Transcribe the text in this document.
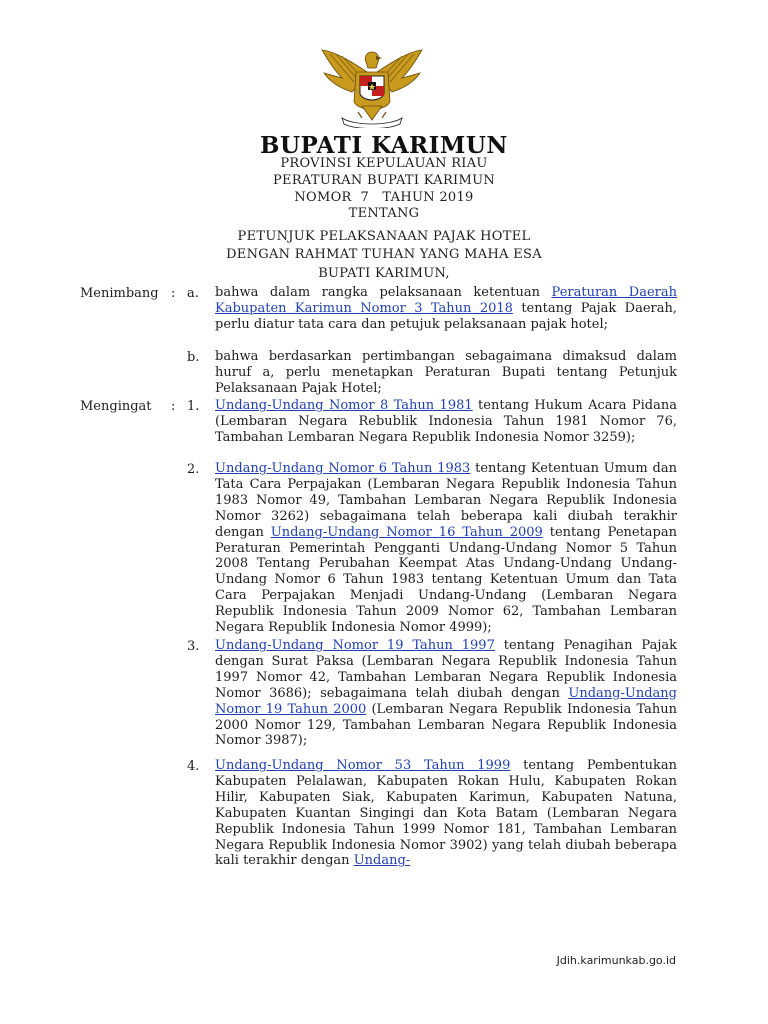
BUPATI KARIMUN
PROVINSI KEPULAUAN RIAU
PERATURAN BUPATI KARIMUN
NOMOR  7   TAHUN 2019
TENTANG
PETUNJUK PELAKSANAAN PAJAK HOTEL
DENGAN RAHMAT TUHAN YANG MAHA ESA
BUPATI KARIMUN,
Menimbang : a. bahwa dalam rangka pelaksanaan ketentuan Peraturan Daerah Kabupaten Karimun Nomor 3 Tahun 2018 tentang Pajak Daerah, perlu diatur tata cara dan petujuk pelaksanaan pajak hotel;
b. bahwa berdasarkan pertimbangan sebagaimana dimaksud dalam huruf a, perlu menetapkan Peraturan Bupati tentang Petunjuk Pelaksanaan Pajak Hotel;
Mengingat : 1. Undang-Undang Nomor 8 Tahun 1981 tentang Hukum Acara Pidana (Lembaran Negara Rebublik Indonesia Tahun 1981 Nomor 76, Tambahan Lembaran Negara Republik Indonesia Nomor 3259);
2. Undang-Undang Nomor 6 Tahun 1983 tentang Ketentuan Umum dan Tata Cara Perpajakan (Lembaran Negara Republik Indonesia Tahun 1983 Nomor 49, Tambahan Lembaran Negara Republik Indonesia Nomor 3262) sebagaimana telah beberapa kali diubah terakhir dengan Undang-Undang Nomor 16 Tahun 2009 tentang Penetapan Peraturan Pemerintah Pengganti Undang-Undang Nomor 5 Tahun 2008 Tentang Perubahan Keempat Atas Undang-Undang Undang-Undang Nomor 6 Tahun 1983 tentang Ketentuan Umum dan Tata Cara Perpajakan Menjadi Undang-Undang (Lembaran Negara Republik Indonesia Tahun 2009 Nomor 62, Tambahan Lembaran Negara Republik Indonesia Nomor 4999);
3. Undang-Undang Nomor 19 Tahun 1997 tentang Penagihan Pajak dengan Surat Paksa (Lembaran Negara Republik Indonesia Tahun 1997 Nomor 42, Tambahan Lembaran Negara Republik Indonesia Nomor 3686); sebagaimana telah diubah dengan Undang-Undang Nomor 19 Tahun 2000 (Lembaran Negara Republik Indonesia Tahun 2000 Nomor 129, Tambahan Lembaran Negara Republik Indonesia Nomor 3987);
4. Undang-Undang Nomor 53 Tahun 1999 tentang Pembentukan Kabupaten Pelalawan, Kabupaten Rokan Hulu, Kabupaten Rokan Hilir, Kabupaten Siak, Kabupaten Karimun, Kabupaten Natuna, Kabupaten Kuantan Singingi dan Kota Batam (Lembaran Negara Republik Indonesia Tahun 1999 Nomor 181, Tambahan Lembaran Negara Republik Indonesia Nomor 3902) yang telah diubah beberapa kali terakhir dengan Undang-
Jdih.karimunkab.go.id
